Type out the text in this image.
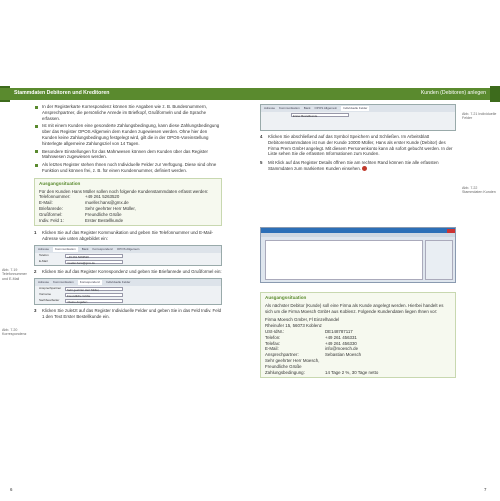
Stammdaten Debitoren und Kreditoren	Kunden (Debitoren) anlegen
In der Registerkarte Korrespondenz können Sie Angaben wie z. B. Bundesnummern, Ansprechpartner, die persönliche Anrede im Briefkopf, Grußformeln und die Sprache erfassen.
Ist mit einem Kunden eine gesonderte Zahlungsbedingung, kann diese Zahlungsbedingung über das Register OPOS Allgemein dem Kunden zugewiesen werden. Ohne hier den Kunden keine Zahlungsbedingung festgelegt wird, gilt die in der OPOS-Voreinstellung hinterlegte allgemeine Zahlungsziel von 14 Tagen.
Besondere Einstellungen für das Mahnwesen können dem Kunden über das Register Mahnwesen zugewiesen werden.
Als letztes Register stehen Ihnen noch Individuelle Felder zur Verfügung. Diese sind ohne Funktion und können frei, z. B. für einen Kundennummer, definiert werden.
Ausgangssituation
Für den Kunden Hans Müller sollen noch folgende Kundenstammdaten erfasst werden:
Telefonnummer:	+49 261 5263520
E-Mail:	mueller.hans@gmx.de
Briefanrede:	Sehr geehrter Herr Müller,
Grußformel:	Freundliche Grüße
Indiv. Feld 1:	Erster Bestellkunde
1 Klicken Sie auf das Register Kommunikation und geben Sie Telefonnummer und E-Mail-Adresse wie unten abgebildet ein:
Adresse	Kommunikation	Bank Korrespondenz OPOS Allgemein
Telefon	+49 261 5263520
E-Mail	mueller.hans@gmx.de
2 Klicken Sie auf das Register Korrespondenz und geben Sie Briefanrede und Grußformel ein:
Adresse Kommunikation	Korrespondenz	Individuelle Felder
Ansprechpartner	Sehr geehrter Herr Müller,
Vorname	Freundliche Grüße
Sachbearbeiter	<Keine Angabe>
3 Klicken Sie zuletzt auf das Register Individuelle Felder und geben Sie in das Feld Indiv. Feld 1 den Text Erster Bestellkunde ein.
Abb. 7.19 Telefonnummer und E-Mail
Abb. 7.20 Korrespondenz
6
Adresse Kommunikation Bank OPOS Allgemein	Individuelle Felder

Erster Bestellkunde
4 Klicken Sie abschließend auf das Symbol Speichern und Schließen. Im Arbeitsblatt Debitorenstammdaten ist nun der Kunde 10000 Müller, Hans als erster Kunde (Debitor) des Firma Prem GmbH angelegt. Mit diesem Personenkonto kann ab sofort gebucht werden. In der Liste sehen Sie die erfassten Informationen zum Kunden.
5 Mit Klick auf das Register Details öffnen Sie am rechten Rand können Sie alle erfassten Stammdaten zum markierten Kunden einsehen.
Ausgangssituation
Als nächster Debitor (Kunde) soll eine Firma als Kunde angelegt werden. Hierbei handelt es sich um die Firma Moesch GmbH aus Koblenz. Folgende Kundendaten liegen Ihnen vor:
Firma Moesch GmbH, Fl Einzelhandel
Rheinufer 15, 56073 Koblenz
USt-IdNr.:	DE148787117
Telefon:	+49 261 456331
Telefax:	+49 261 456330
E-Mail:	info@moesch.de
Ansprechpartner:	Sebastian Moesch
Sehr geehrter Herr Moesch,
Freundliche Grüße
Zahlungsbedingung:	14 Tage 2 %, 30 Tage netto
Abb. 7.21 Individuelle Felder
Abb. 7.22 Stammdaten Kunden
7
